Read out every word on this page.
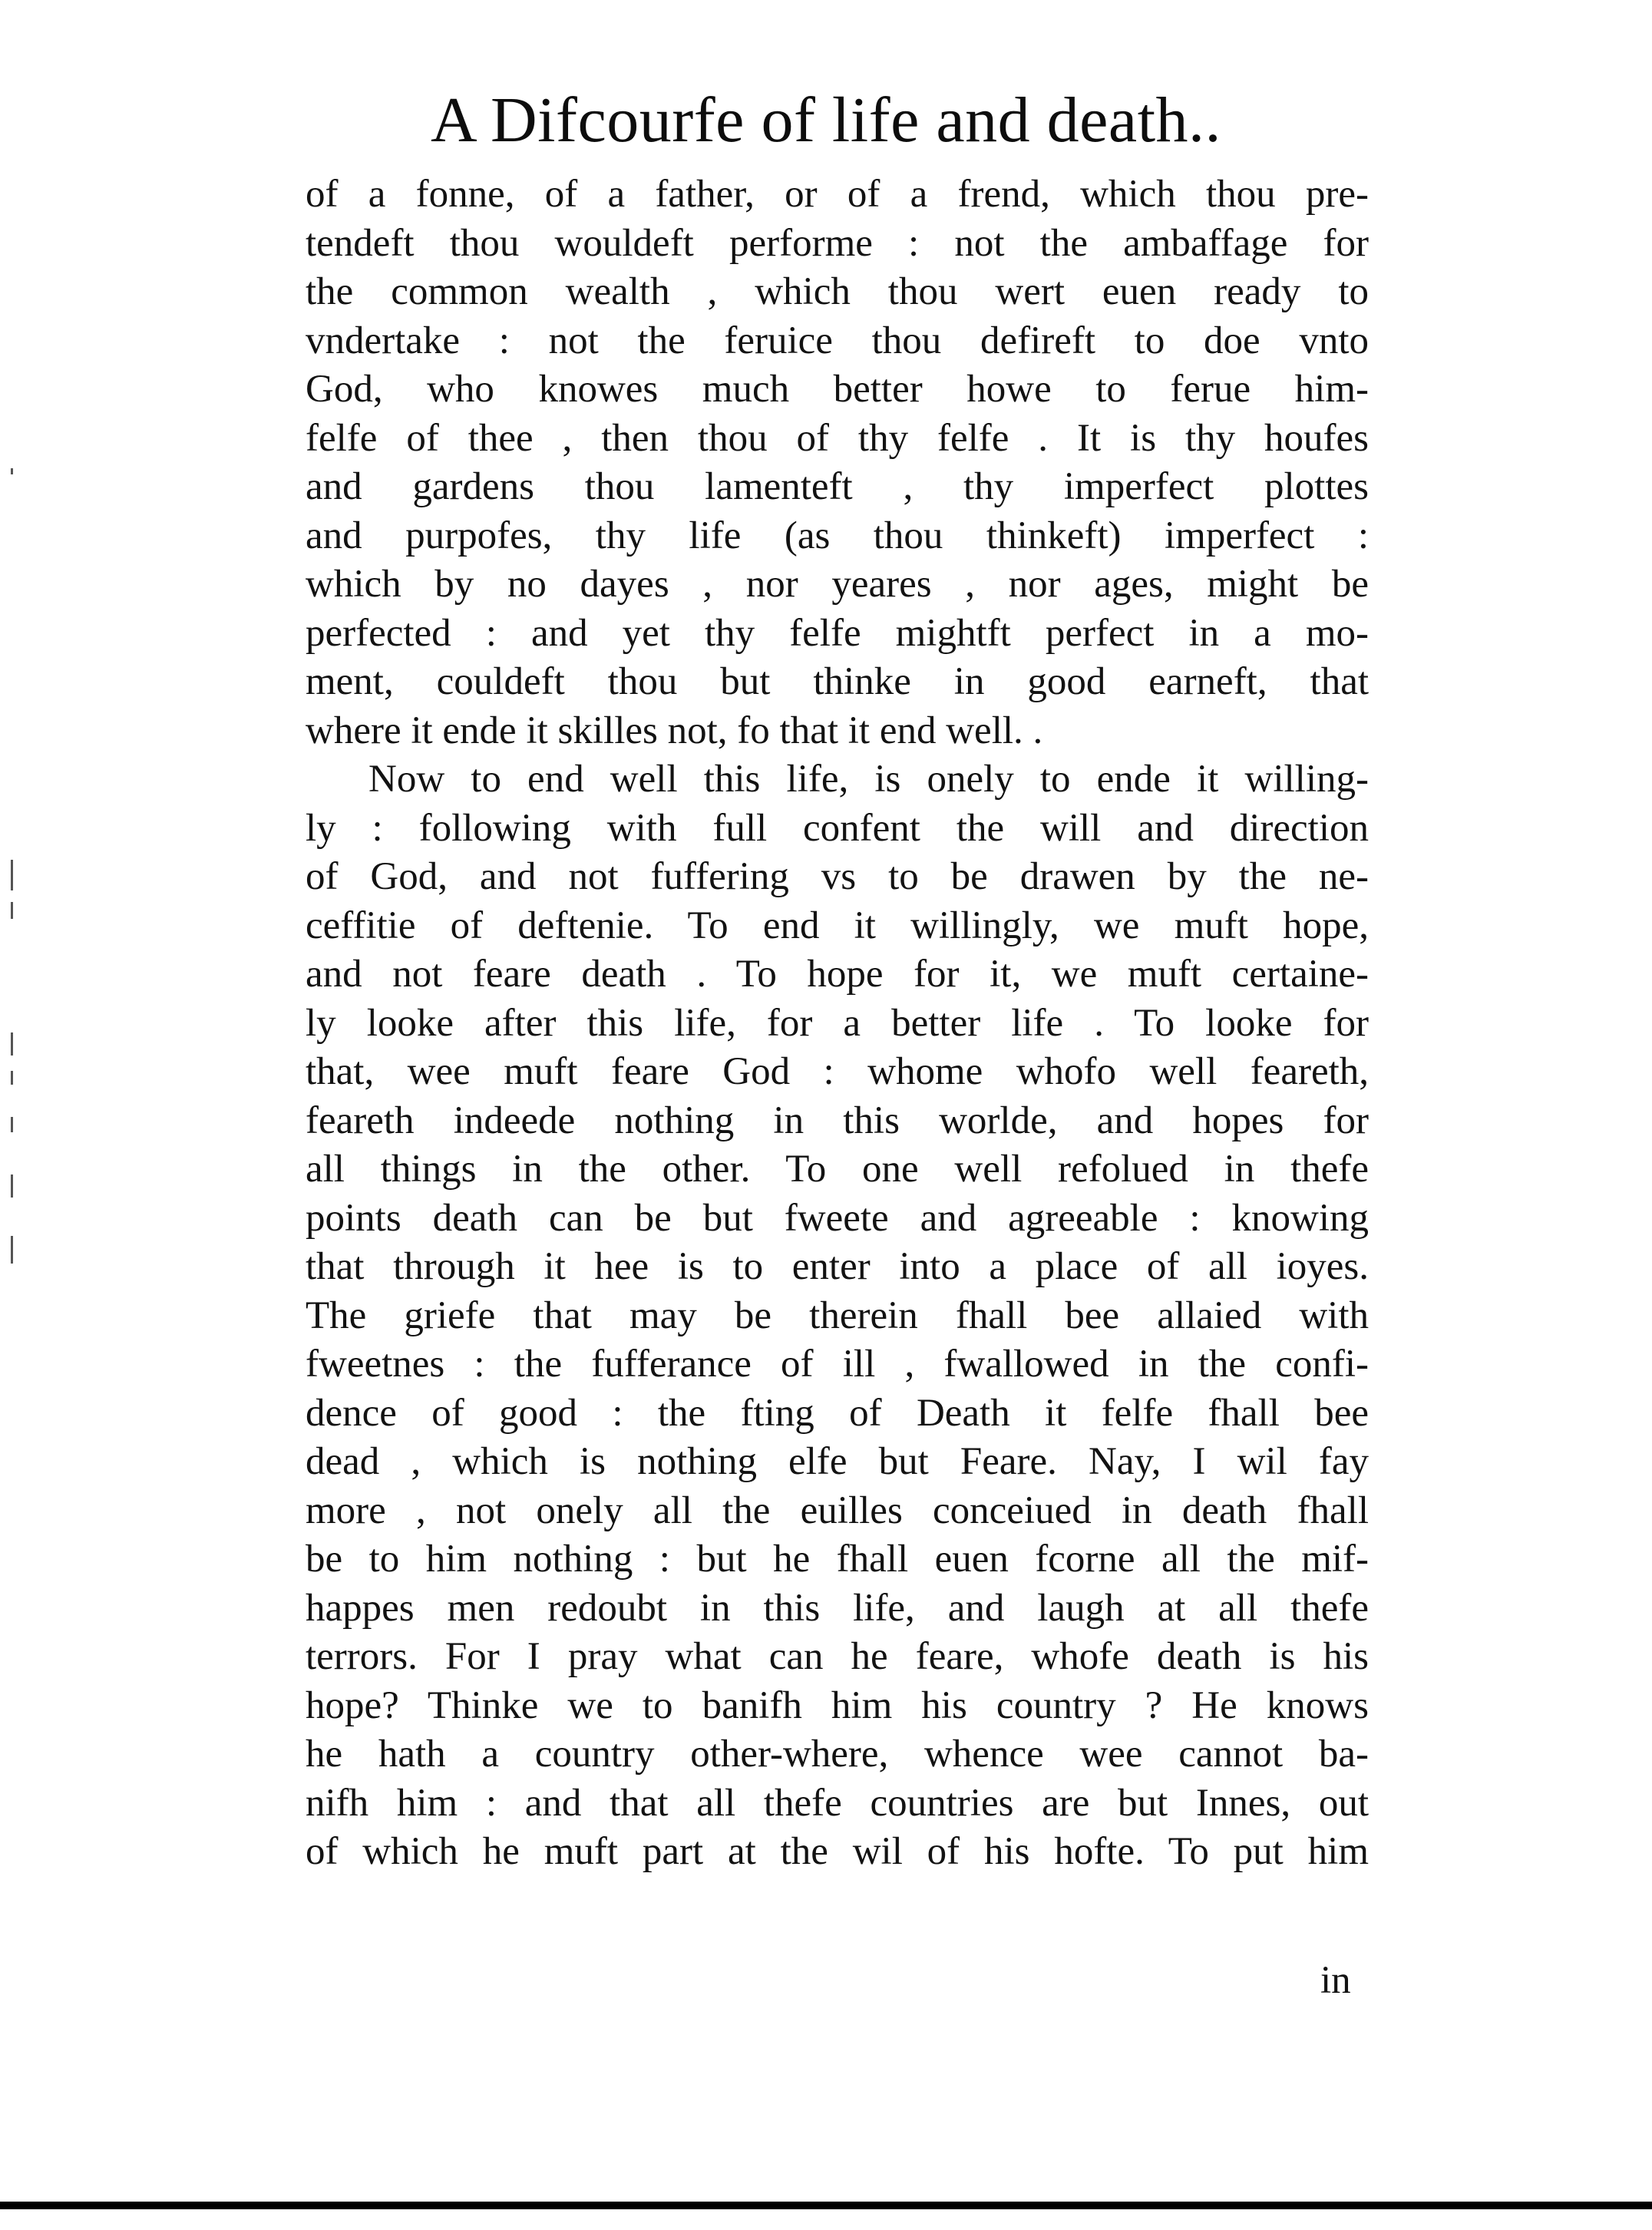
A Difcourfe of life and death..
of a fonne, of a father, or of a frend, which thou pre-
tendeft thou wouldeft performe : not the ambaffage for
the common wealth , which thou wert euen ready to
vndertake : not the feruice thou defireft to doe vnto
God, who knowes much better howe to ferue him-
felfe of thee , then thou of thy felfe . It is thy houfes
and gardens thou lamenteft , thy imperfect plottes
and purpofes, thy life (as thou thinkeft) imperfect :
which by no dayes , nor yeares , nor ages, might be
perfected : and yet thy felfe mightft perfect in a mo-
ment, couldeft thou but thinke in good earneft, that
where it ende it skilles not, fo that it end well. .
Now to end well this life, is onely to ende it willing-
ly : following with full confent the will and direction
of God, and not fuffering vs to be drawen by the ne-
ceffitie of deftenie. To end it willingly, we muft hope,
and not feare death . To hope for it, we muft certaine-
ly looke after this life, for a better life . To looke for
that, wee muft feare God : whome whofo well feareth,
feareth indeede nothing in this worlde, and hopes for
all things in the other. To one well refolued in thefe
points death can be but fweete and agreeable : knowing
that through it hee is to enter into a place of all ioyes.
The griefe that may be therein fhall bee allaied with
fweetnes : the fufferance of ill , fwallowed in the confi-
dence of good : the fting of Death it felfe fhall bee
dead , which is nothing elfe but Feare. Nay, I wil fay
more , not onely all the euilles conceiued in death fhall
be to him nothing : but he fhall euen fcorne all the mif-
happes men redoubt in this life, and laugh at all thefe
terrors. For I pray what can he feare, whofe death is his
hope? Thinke we to banifh him his country ? He knows
he hath a country other-where, whence wee cannot ba-
nifh him : and that all thefe countries are but Innes, out
of which he muft part at the wil of his hofte. To put him
in
